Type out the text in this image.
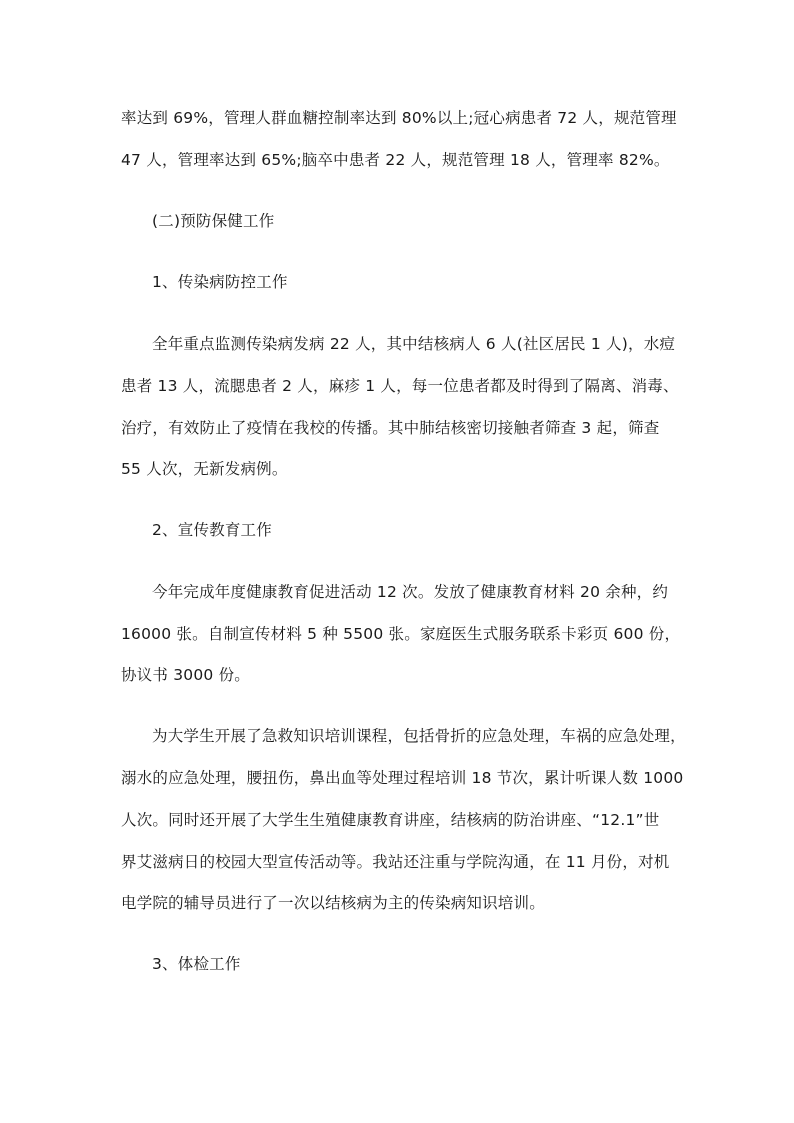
率达到 69%，管理人群血糖控制率达到 80%以上;冠心病患者 72 人，规范管理
47 人，管理率达到 65%;脑卒中患者 22 人，规范管理 18 人，管理率 82%。
(二)预防保健工作
1、传染病防控工作
全年重点监测传染病发病 22 人，其中结核病人 6 人(社区居民 1 人)，水痘
患者 13 人，流腮患者 2 人，麻疹 1 人，每一位患者都及时得到了隔离、消毒、
治疗，有效防止了疫情在我校的传播。其中肺结核密切接触者筛查 3 起，筛查
55 人次，无新发病例。
2、宣传教育工作
今年完成年度健康教育促进活动 12 次。发放了健康教育材料 20 余种，约
16000 张。自制宣传材料 5 种 5500 张。家庭医生式服务联系卡彩页 600 份，
协议书 3000 份。
为大学生开展了急救知识培训课程，包括骨折的应急处理，车祸的应急处理，
溺水的应急处理，腰扭伤，鼻出血等处理过程培训 18 节次，累计听课人数 1000
人次。同时还开展了大学生生殖健康教育讲座，结核病的防治讲座、“12.1”世
界艾滋病日的校园大型宣传活动等。我站还注重与学院沟通，在 11 月份，对机
电学院的辅导员进行了一次以结核病为主的传染病知识培训。
3、体检工作
